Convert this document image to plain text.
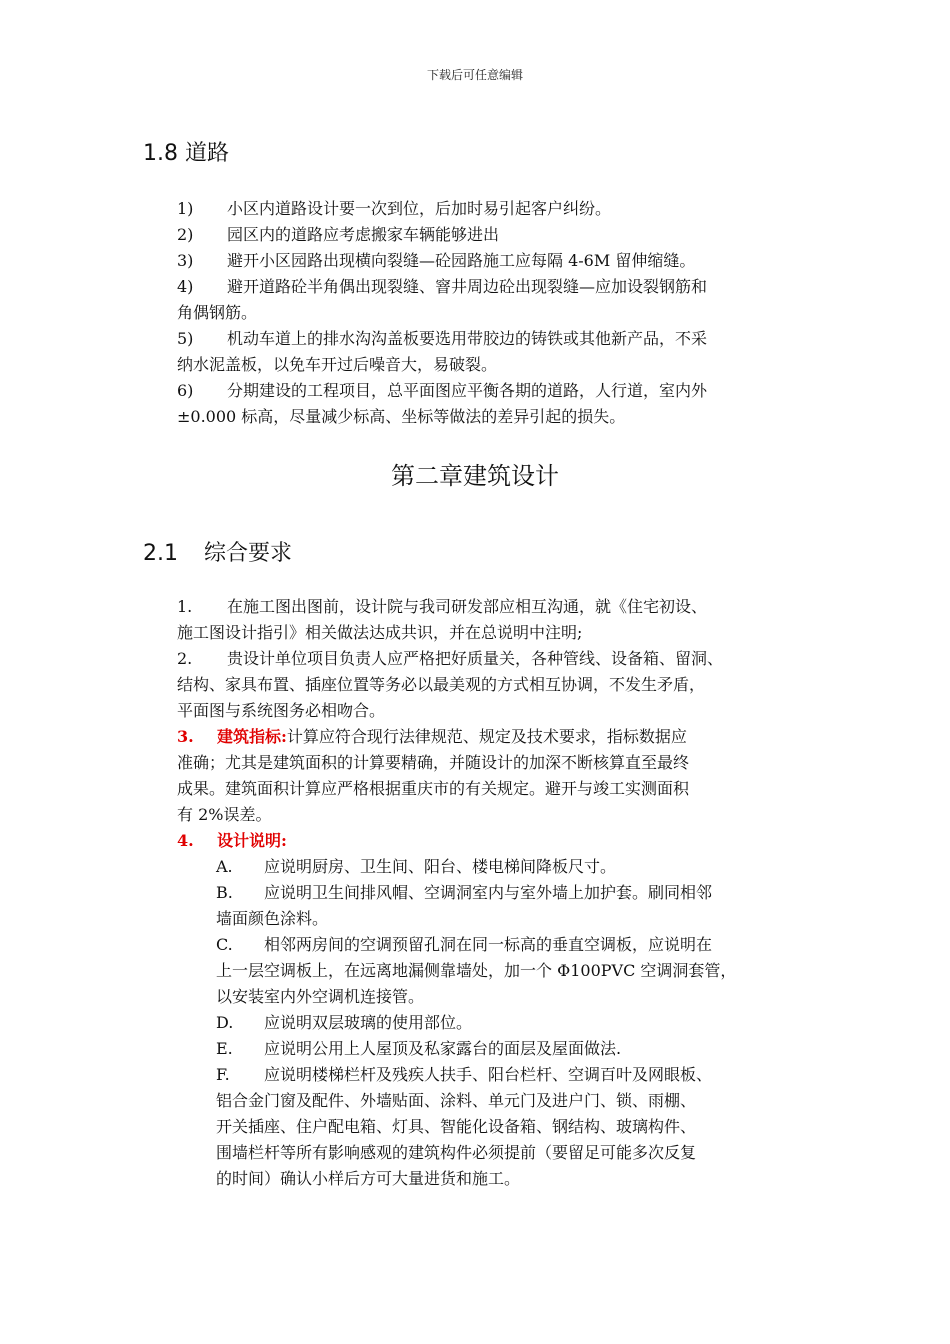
下载后可任意编辑
1.8 道路
1) 小区内道路设计要一次到位，后加时易引起客户纠纷。
2) 园区内的道路应考虑搬家车辆能够进出
3) 避开小区园路出现横向裂缝—砼园路施工应每隔 4-6M 留伸缩缝。
4) 避开道路砼半角偶出现裂缝、窨井周边砼出现裂缝—应加设裂钢筋和
角偶钢筋。
5) 机动车道上的排水沟沟盖板要选用带胶边的铸铁或其他新产品，不采
纳水泥盖板，以免车开过后噪音大，易破裂。
6) 分期建设的工程项目，总平面图应平衡各期的道路，人行道，室内外
±0.000 标高，尽量减少标高、坐标等做法的差异引起的损失。
第二章建筑设计
2.1 综合要求
1. 在施工图出图前，设计院与我司研发部应相互沟通，就《住宅初设、
施工图设计指引》相关做法达成共识，并在总说明中注明;
2. 贵设计单位项目负责人应严格把好质量关，各种管线、设备箱、留洞、
结构、家具布置、插座位置等务必以最美观的方式相互协调，不发生矛盾，
平面图与系统图务必相吻合。
3. 建筑指标:计算应符合现行法律规范、规定及技术要求，指标数据应
准确；尤其是建筑面积的计算要精确，并随设计的加深不断核算直至最终
成果。建筑面积计算应严格根据重庆市的有关规定。避开与竣工实测面积
有 2%误差。
4. 设计说明:
A. 应说明厨房、卫生间、阳台、楼电梯间降板尺寸。
B. 应说明卫生间排风帽、空调洞室内与室外墙上加护套。刷同相邻
墙面颜色涂料。
C. 相邻两房间的空调预留孔洞在同一标高的垂直空调板，应说明在
上一层空调板上，在远离地漏侧靠墙处，加一个 Φ100PVC 空调洞套管，
以安装室内外空调机连接管。
D. 应说明双层玻璃的使用部位。
E. 应说明公用上人屋顶及私家露台的面层及屋面做法.
F. 应说明楼梯栏杆及残疾人扶手、阳台栏杆、空调百叶及网眼板、
铝合金门窗及配件、外墙贴面、涂料、单元门及进户门、锁、雨棚、
开关插座、住户配电箱、灯具、智能化设备箱、钢结构、玻璃构件、
围墙栏杆等所有影响感观的建筑构件必须提前（要留足可能多次反复
的时间）确认小样后方可大量进货和施工。
